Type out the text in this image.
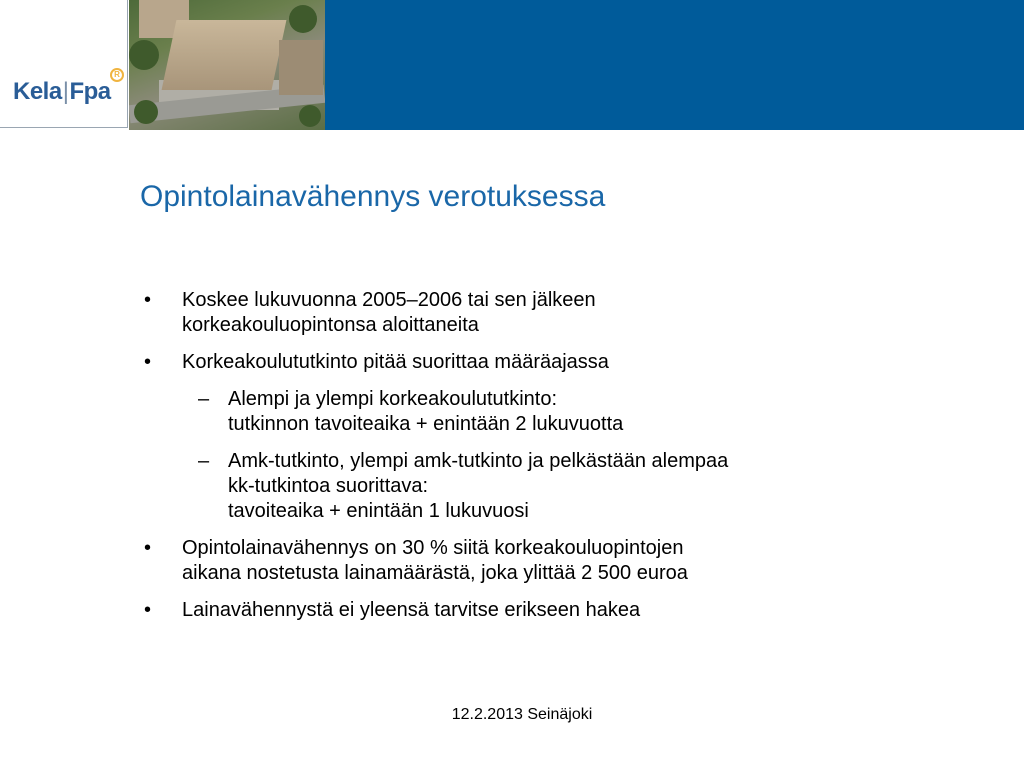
Kela|Fpa
R
Opintolainavähennys verotuksessa
• Koskee lukuvuonna 2005–2006 tai sen jälkeen
korkeakouluopintonsa aloittaneita
• Korkeakoulututkinto pitää suorittaa määräajassa
– Alempi ja ylempi korkeakoulututkinto:
tutkinnon tavoiteaika + enintään 2 lukuvuotta
– Amk-tutkinto, ylempi amk-tutkinto ja pelkästään alempaa
kk-tutkintoa suorittava:
tavoiteaika + enintään 1 lukuvuosi
• Opintolainavähennys on 30 % siitä korkeakouluopintojen
aikana nostetusta lainamäärästä, joka ylittää 2 500 euroa
• Lainavähennystä ei yleensä tarvitse erikseen hakea
12.2.2013 Seinäjoki
